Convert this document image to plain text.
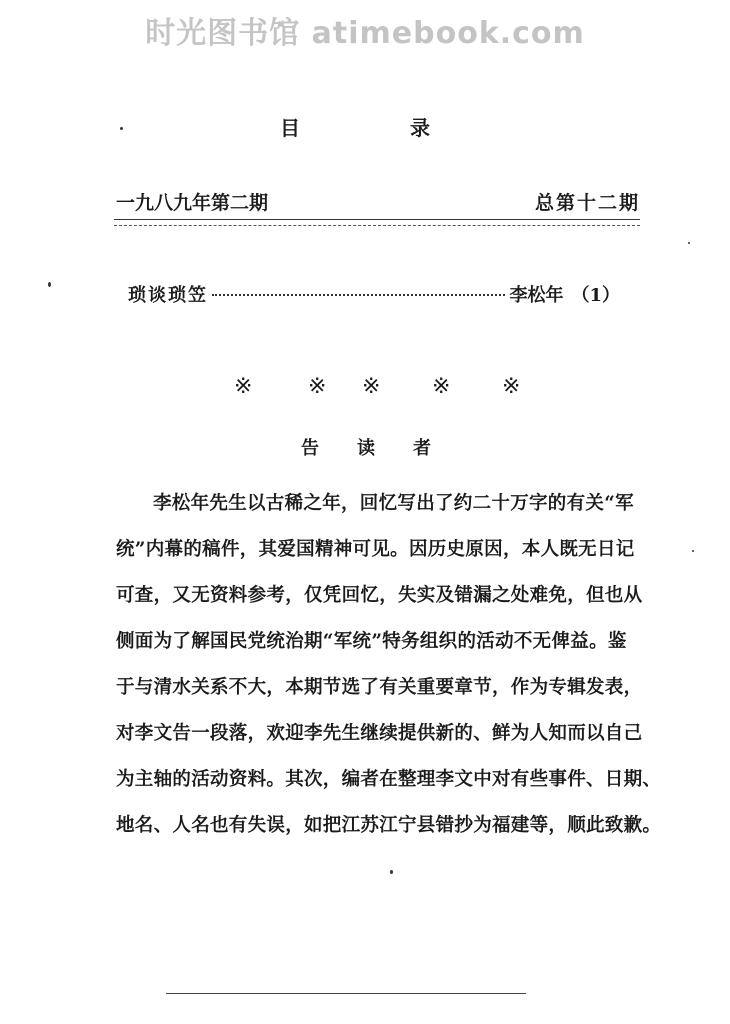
时光图书馆 atimebook.com
目录
一九八九年第二期	总第十二期
琐谈琐笠	李松年 （1）
※	※ ※ ※ ※
告读者

李松年先生以古稀之年，回忆写出了约二十万字的有关“军

统”内幕的稿件，其爱国精神可见。因历史原因，本人既无日记

可查，又无资料参考，仅凭回忆，失实及错漏之处难免，但也从

侧面为了解国民党统治期“军统”特务组织的活动不无俾益。鉴

于与清水关系不大，本期节选了有关重要章节，作为专辑发表，

对李文告一段落，欢迎李先生继续提供新的、鲜为人知而以自己

为主轴的活动资料。其次，编者在整理李文中对有些事件、日期、

地名、人名也有失误，如把江苏江宁县错抄为福建等，顺此致歉。
